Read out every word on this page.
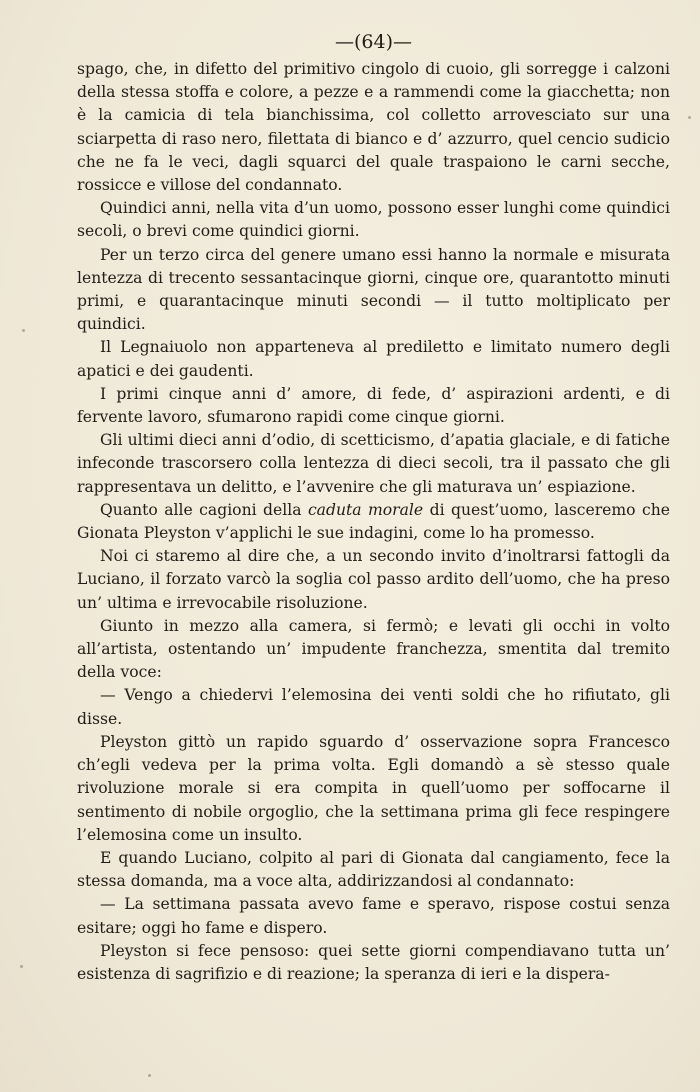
—(64)—

spago, che, in difetto del primitivo cingolo di cuoio, gli sorregge i calzoni della stessa stoffa e colore, a pezze e a rammendi come la giacchetta; non è la camicia di tela bianchissima, col colletto arrovesciato sur una sciarpetta di raso nero, filettata di bianco e d’ azzurro, quel cencio sudicio che ne fa le veci, dagli squarci del quale traspaiono le carni secche, rossicce e villose del condannato.

Quindici anni, nella vita d’un uomo, possono esser lunghi come quindici secoli, o brevi come quindici giorni.

Per un terzo circa del genere umano essi hanno la normale e misurata lentezza di trecento sessantacinque giorni, cinque ore, quarantotto minuti primi, e quarantacinque minuti secondi — il tutto moltiplicato per quindici.

Il Legnaiuolo non apparteneva al prediletto e limitato numero degli apatici e dei gaudenti.

I primi cinque anni d’ amore, di fede, d’ aspirazioni ardenti, e di fervente lavoro, sfumarono rapidi come cinque giorni.

Gli ultimi dieci anni d’odio, di scetticismo, d’apatia glaciale, e di fatiche infeconde trascorsero colla lentezza di dieci secoli, tra il passato che gli rappresentava un delitto, e l’avvenire che gli maturava un’ espiazione.

Quanto alle cagioni della caduta morale di quest’uomo, lasceremo che Gionata Pleyston v’applichi le sue indagini, come lo ha promesso.

Noi ci staremo al dire che, a un secondo invito d’inoltrarsi fattogli da Luciano, il forzato varcò la soglia col passo ardito dell’uomo, che ha preso un’ ultima e irrevocabile risoluzione.

Giunto in mezzo alla camera, si fermò; e levati gli occhi in volto all’artista, ostentando un’ impudente franchezza, smentita dal tremito della voce:

— Vengo a chiedervi l’elemosina dei venti soldi che ho rifiutato, gli disse.

Pleyston gittò un rapido sguardo d’ osservazione sopra Francesco ch’egli vedeva per la prima volta. Egli domandò a sè stesso quale rivoluzione morale si era compita in quell’uomo per soffocarne il sentimento di nobile orgoglio, che la settimana prima gli fece respingere l’elemosina come un insulto.

E quando Luciano, colpito al pari di Gionata dal cangiamento, fece la stessa domanda, ma a voce alta, addirizzandosi al condannato:

— La settimana passata avevo fame e speravo, rispose costui senza esitare; oggi ho fame e dispero.

Pleyston si fece pensoso: quei sette giorni compendiavano tutta un’ esistenza di sagrifizio e di reazione; la speranza di ieri e la dispera-
